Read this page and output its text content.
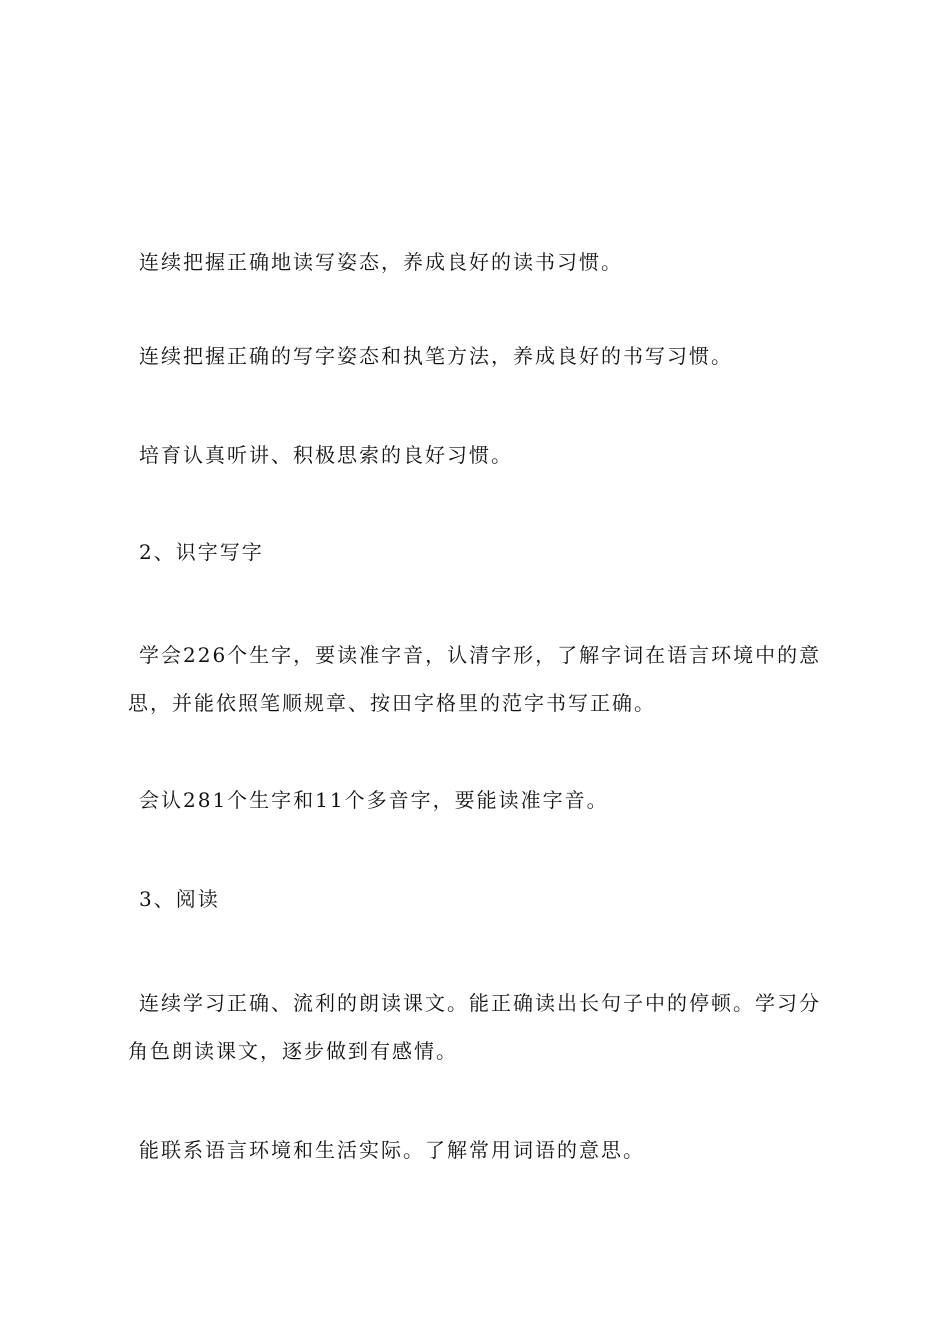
连续把握正确地读写姿态，养成良好的读书习惯。

连续把握正确的写字姿态和执笔方法，养成良好的书写习惯。

培育认真听讲、积极思索的良好习惯。

2、识字写字

学会226个生字，要读准字音，认清字形，了解字词在语言环境中的意思，并能依照笔顺规章、按田字格里的范字书写正确。

会认281个生字和11个多音字，要能读准字音。

3、阅读

连续学习正确、流利的朗读课文。能正确读出长句子中的停顿。学习分角色朗读课文，逐步做到有感情。

能联系语言环境和生活实际。了解常用词语的意思。
